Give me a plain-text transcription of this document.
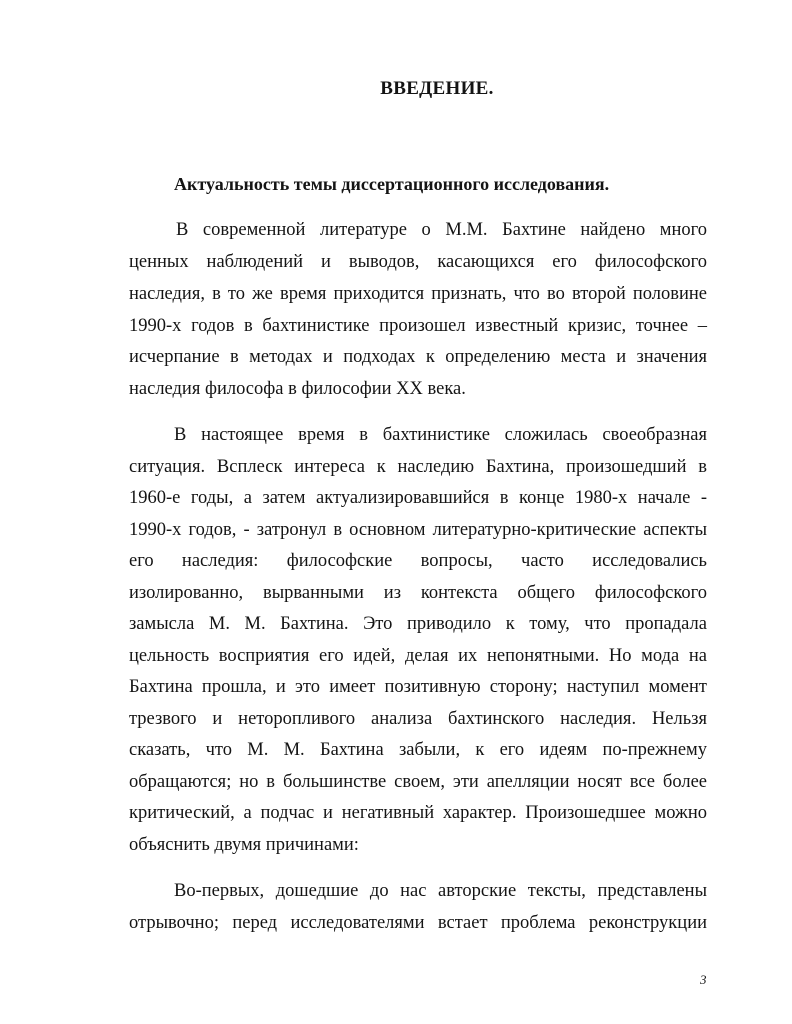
ВВЕДЕНИЕ.
Актуальность темы диссертационного исследования.
В современной литературе о М.М. Бахтине найдено много
ценных наблюдений и выводов, касающихся его философского
наследия, в то же время приходится признать, что во второй половине
1990-х годов в бахтинистике произошел известный кризис, точнее –
исчерпание в методах и подходах к определению места и значения
наследия философа в философии XX века.
В настоящее время в бахтинистике сложилась своеобразная
ситуация. Всплеск интереса к наследию Бахтина, произошедший в
1960-е годы, а затем актуализировавшийся в конце 1980-х начале -
1990-х годов, - затронул в основном литературно-критические аспекты
его наследия: философские вопросы, часто исследовались
изолированно, вырванными из контекста общего философского
замысла М. М. Бахтина. Это приводило к тому, что пропадала
цельность восприятия его идей, делая их непонятными. Но мода на
Бахтина прошла, и это имеет позитивную сторону; наступил момент
трезвого и неторопливого анализа бахтинского наследия. Нельзя
сказать, что М. М. Бахтина забыли, к его идеям по-прежнему
обращаются; но в большинстве своем, эти апелляции носят все более
критический, а подчас и негативный характер. Произошедшее можно
объяснить двумя причинами:
Во-первых, дошедшие до нас авторские тексты, представлены
отрывочно; перед исследователями встает проблема реконструкции
3
